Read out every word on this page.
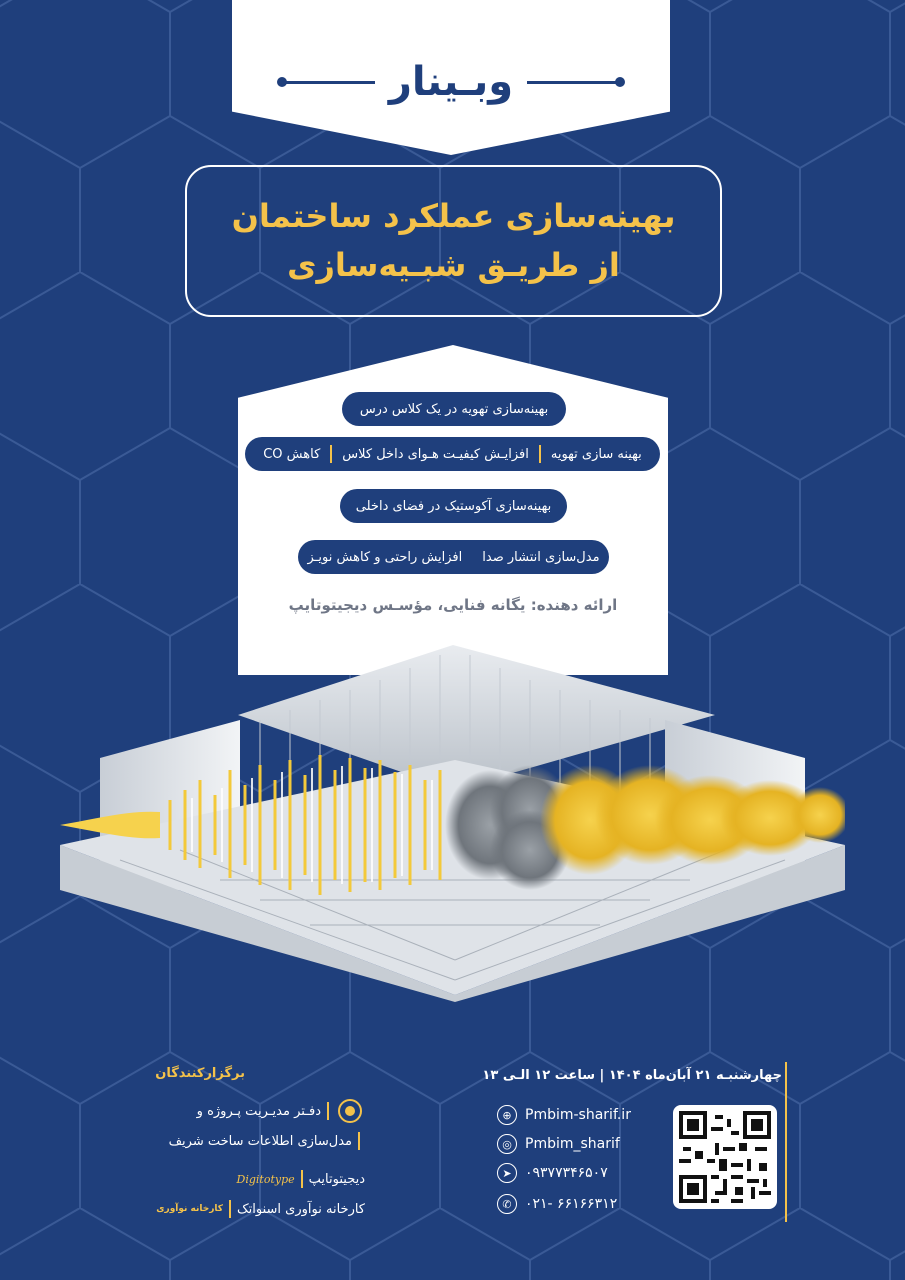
وبـینار
بهینه‌سازی عملکرد ساختمان
از طریـق شبـیه‌سازی
بهینه‌سازی تهویه در یک کلاس درس
بهینه سازی تهویه
افزایـش کیفیـت هـوای داخل کلاس
کاهش CO
بهینه‌سازی آکوستیک در فضای داخلی
مدل‌سازی انتشار صدا
افزایش راحتی و کاهش نویـز
ارائه دهنده: یگانه فنایی، مؤسـس دیجیتوتایپ
چهارشنبـه ۲۱ آبان‌ماه ۱۴۰۴ | ساعت ۱۲ الـی ۱۳
⊕ Pmbim-sharif.ir
◎ Pmbim_sharif
➤ ۰۹۳۷۷۳۴۶۵۰۷
✆ ۰۲۱- ۶۶۱۶۶۳۱۲
برگزارکنندگان
دفـتر مدیـریت پـروژه و
مدل‌سازی اطلاعات ساخت شریف
دیجیتوتایپ
Digitotype
کارخانه نوآوری اسنواتک
کارخانه نوآوری
